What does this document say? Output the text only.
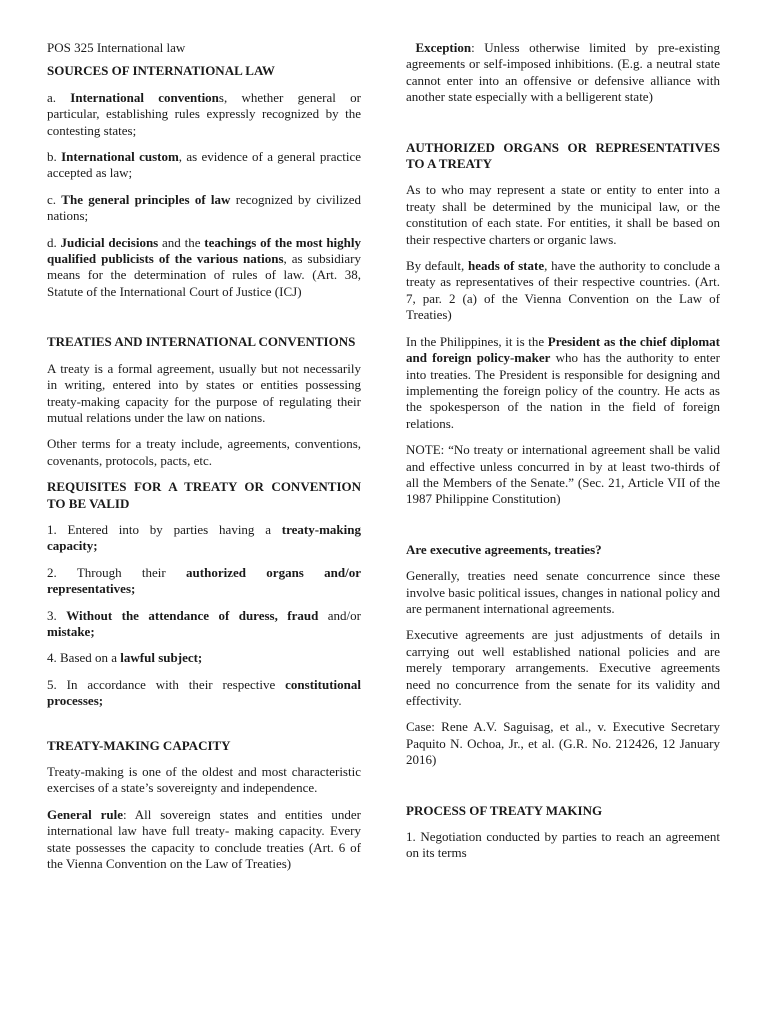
POS 325 International law

SOURCES OF INTERNATIONAL LAW

a. International conventions, whether general or particular, establishing rules expressly recognized by the contesting states;

b. International custom, as evidence of a general practice accepted as law;

c. The general principles of law recognized by civilized nations;

d. Judicial decisions and the teachings of the most highly qualified publicists of the various nations, as subsidiary means for the determination of rules of law. (Art. 38, Statute of the International Court of Justice (ICJ)

TREATIES AND INTERNATIONAL CONVENTIONS

A treaty is a formal agreement, usually but not necessarily in writing, entered into by states or entities possessing treaty-making capacity for the purpose of regulating their mutual relations under the law on nations.

Other terms for a treaty include, agreements, conventions, covenants, protocols, pacts, etc.

REQUISITES FOR A TREATY OR CONVENTION TO BE VALID

1. Entered into by parties having a treaty-making capacity;

2. Through their authorized organs and/or representatives;

3. Without the attendance of duress, fraud and/or mistake;

4. Based on a lawful subject;

5. In accordance with their respective constitutional processes;

TREATY-MAKING CAPACITY

Treaty-making is one of the oldest and most characteristic exercises of a state’s sovereignty and independence.

General rule: All sovereign states and entities under international law have full treaty- making capacity. Every state possesses the capacity to conclude treaties (Art. 6 of the Vienna Convention on the Law of Treaties)

Exception: Unless otherwise limited by pre-existing agreements or self-imposed inhibitions. (E.g. a neutral state cannot enter into an offensive or defensive alliance with another state especially with a belligerent state)

AUTHORIZED ORGANS OR REPRESENTATIVES TO A TREATY

As to who may represent a state or entity to enter into a treaty shall be determined by the municipal law, or the constitution of each state. For entities, it shall be based on their respective charters or organic laws.

By default, heads of state, have the authority to conclude a treaty as representatives of their respective countries. (Art. 7, par. 2 (a) of the Vienna Convention on the Law of Treaties)

In the Philippines, it is the President as the chief diplomat and foreign policy-maker who has the authority to enter into treaties. The President is responsible for designing and implementing the foreign policy of the country. He acts as the spokesperson of the nation in the field of foreign relations.

NOTE: “No treaty or international agreement shall be valid and effective unless concurred in by at least two-thirds of all the Members of the Senate.” (Sec. 21, Article VII of the 1987 Philippine Constitution)

Are executive agreements, treaties?

Generally, treaties need senate concurrence since these involve basic political issues, changes in national policy and are permanent international agreements.

Executive agreements are just adjustments of details in carrying out well established national policies and are merely temporary arrangements. Executive agreements need no concurrence from the senate for its validity and effectivity.

Case: Rene A.V. Saguisag, et al., v. Executive Secretary Paquito N. Ochoa, Jr., et al. (G.R. No. 212426, 12 January 2016)

PROCESS OF TREATY MAKING

1. Negotiation conducted by parties to reach an agreement on its terms
